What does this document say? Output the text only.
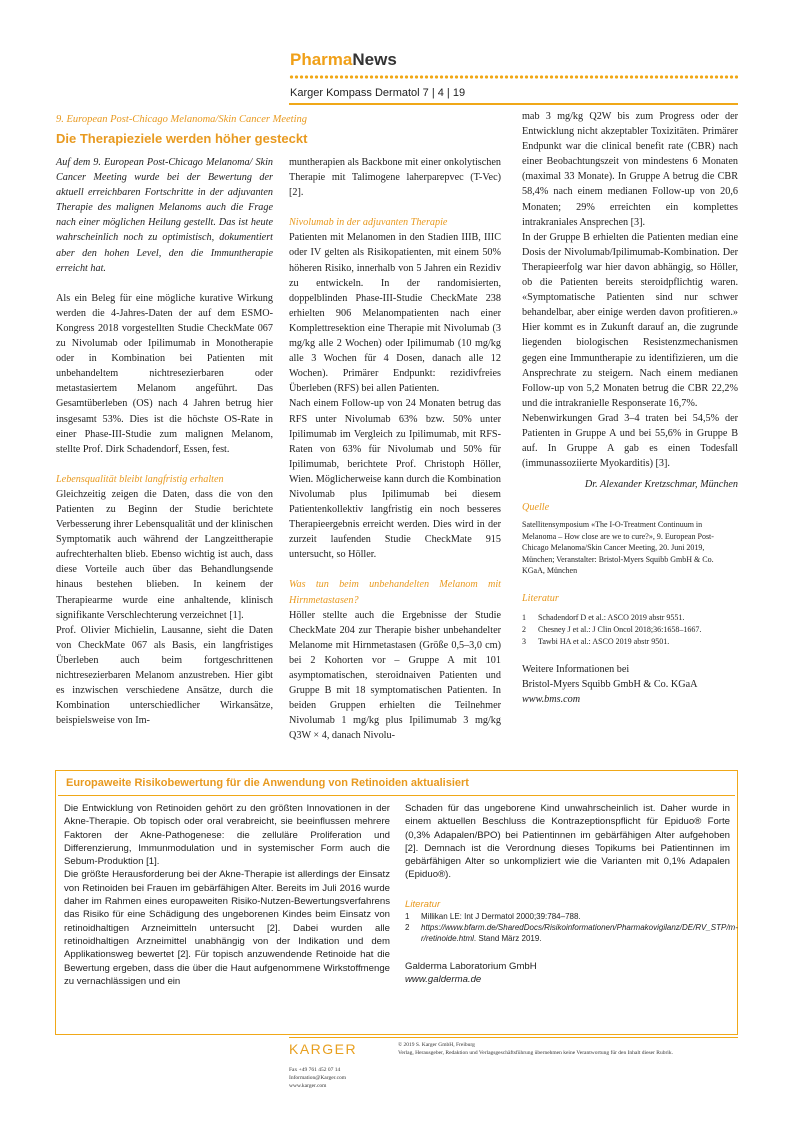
PharmaNews
Karger Kompass Dermatol 7 | 4 | 19
9. European Post-Chicago Melanoma/Skin Cancer Meeting
Die Therapieziele werden höher gesteckt

Auf dem 9. European Post-Chicago Melanoma/ Skin Cancer Meeting wurde bei der Bewertung der aktuell erreichbaren Fortschritte in der adjuvanten Therapie des malignen Melanoms auch die Frage nach einer möglichen Heilung gestellt. Das ist heute wahrscheinlich noch zu optimistisch, dokumentiert aber den hohen Level, den die Immuntherapie erreicht hat.

Als ein Beleg für eine mögliche kurative Wirkung werden die 4-Jahres-Daten der auf dem ESMO-Kongress 2018 vorgestellten Studie CheckMate 067 zu Nivolumab oder Ipilimumab in Monotherapie oder in Kombination bei Patienten mit unbehandeltem nichtresezierbaren oder metastasiertem Melanom angeführt. Das Gesamtüberleben (OS) nach 4 Jahren betrug hier insgesamt 53%. Dies ist die höchste OS-Rate in einer Phase-III-Studie zum malignen Melanom, stellte Prof. Dirk Schadendorf, Essen, fest.

Lebensqualität bleibt langfristig erhalten

Gleichzeitig zeigen die Daten, dass die von den Patienten zu Beginn der Studie berichtete Verbesserung ihrer Lebensqualität und der klinischen Symptomatik auch während der Langzeittherapie aufrechterhalten blieb. Ebenso wichtig ist auch, dass diese Vorteile auch über das Behandlungsende hinaus bestehen blieben. In keinem der Therapiearme wurde eine anhaltende, klinisch signifikante Verschlechterung verzeichnet [1].

Prof. Olivier Michielin, Lausanne, sieht die Daten von CheckMate 067 als Basis, ein langfristiges Überleben auch beim fortgeschrittenen nichtresezierbaren Melanom anzustreben. Hier gibt es inzwischen verschiedene Ansätze, durch die Kombination unterschiedlicher Wirkansätze, beispielsweise von Im-

muntherapien als Backbone mit einer onkolytischen Therapie mit Talimogene laherparepvec (T-Vec) [2].

Nivolumab in der adjuvanten Therapie

Patienten mit Melanomen in den Stadien IIIB, IIIC oder IV gelten als Risikopatienten, mit einem 50% höheren Risiko, innerhalb von 5 Jahren ein Rezidiv zu entwickeln. In der randomisierten, doppelblinden Phase-III-Studie CheckMate 238 erhielten 906 Melanompatienten nach einer Komplettresektion eine Therapie mit Nivolumab (3 mg/kg alle 2 Wochen) oder Ipilimumab (10 mg/kg alle 3 Wochen für 4 Dosen, danach alle 12 Wochen). Primärer Endpunkt: rezidivfreies Überleben (RFS) bei allen Patienten.

Nach einem Follow-up von 24 Monaten betrug das RFS unter Nivolumab 63% bzw. 50% unter Ipilimumab im Vergleich zu Ipilimumab, mit RFS-Raten von 63% für Nivolumab und 50% für Ipilimumab, berichtete Prof. Christoph Höller, Wien. Möglicherweise kann durch die Kombination Nivolumab plus Ipilimumab bei diesem Patientenkollektiv langfristig ein noch besseres Therapieergebnis erreicht werden. Dies wird in der zurzeit laufenden Studie CheckMate 915 untersucht, so Höller.

Was tun beim unbehandelten Melanom mit Hirnmetastasen?

Höller stellte auch die Ergebnisse der Studie CheckMate 204 zur Therapie bisher unbehandelter Melanome mit Hirnmetastasen (Größe 0,5–3,0 cm) bei 2 Kohorten vor – Gruppe A mit 101 asymptomatischen, steroidnaiven Patienten und Gruppe B mit 18 symptomatischen Patienten. In beiden Gruppen erhielten die Teilnehmer Nivolumab 1 mg/kg plus Ipilimumab 3 mg/kg Q3W × 4, danach Nivolu-

mab 3 mg/kg Q2W bis zum Progress oder der Entwicklung nicht akzeptabler Toxizitäten. Primärer Endpunkt war die clinical benefit rate (CBR) nach einer Beobachtungszeit von mindestens 6 Monaten (maximal 33 Monate). In Gruppe A betrug die CBR 58,4% nach einem medianen Follow-up von 20,6 Monaten; 29% erreichten ein komplettes intrakraniales Ansprechen [3].

In der Gruppe B erhielten die Patienten median eine Dosis der Nivolumab/Ipilimumab-Kombination. Der Therapieerfolg war hier davon abhängig, so Höller, ob die Patienten bereits steroidpflichtig waren. «Symptomatische Patienten sind nur schwer behandelbar, aber einige werden davon profitieren.» Hier kommt es in Zukunft darauf an, die zugrunde liegenden biologischen Resistenzmechanismen gegen eine Immuntherapie zu identifizieren, um die Ansprechrate zu steigern. Nach einem medianen Follow-up von 5,2 Monaten betrug die CBR 22,2% und die intrakranielle Responserate 16,7%.

Nebenwirkungen Grad 3–4 traten bei 54,5% der Patienten in Gruppe A und bei 55,6% in Gruppe B auf. In Gruppe A gab es einen Todesfall (immunassoziierte Myokarditis) [3].

Dr. Alexander Kretzschmar, München

Quelle

Satellitensymposium «The I-O-Treatment Continuum in Melanoma – How close are we to cure?», 9. European Post-Chicago Melanoma/Skin Cancer Meeting, 20. Juni 2019, München; Veranstalter: Bristol-Myers Squibb GmbH & Co. KGaA, München

Literatur

1	Schadendorf D et al.: ASCO 2019 abstr 9551.
2	Chesney J et al.: J Clin Oncol 2018;36:1658–1667.
3	Tawbi HA et al.: ASCO 2019 abstr 9501.

Weitere Informationen bei

Bristol-Myers Squibb GmbH & Co. KGaA

www.bms.com

Europaweite Risikobewertung für die Anwendung von Retinoiden aktualisiert

Die Entwicklung von Retinoiden gehört zu den größten Innovationen in der Akne-Therapie. Ob topisch oder oral verabreicht, sie beeinflussen mehrere Faktoren der Akne-Pathogenese: die zelluläre Proliferation und Differenzierung, Immunmodulation und in systemischer Form auch die Sebum-Produktion [1].

Die größte Herausforderung bei der Akne-Therapie ist allerdings der Einsatz von Retinoiden bei Frauen im gebärfähigen Alter. Bereits im Juli 2016 wurde daher im Rahmen eines europaweiten Risiko-Nutzen-Bewertungsverfahrens das Risiko für eine Schädigung des ungeborenen Kindes beim Einsatz von retinoidhaltigen Arzneimitteln untersucht [2]. Dabei wurden alle retinoidhaltigen Arzneimittel unabhängig von der Indikation und dem Applikationsweg bewertet [2]. Für topisch anzuwendende Retinoide hat die Bewertung ergeben, dass die über die Haut aufgenommene Wirkstoffmenge zu vernachlässigen und ein

Schaden für das ungeborene Kind unwahrscheinlich ist. Daher wurde in einem aktuellen Beschluss die Kontrazeptionspflicht für Epiduo® Forte (0,3% Adapalen/BPO) bei Patientinnen im gebärfähigen Alter aufgehoben [2]. Demnach ist die Verordnung dieses Topikums bei Patientinnen im gebärfähigen Alter so unkompliziert wie die Varianten mit 0,1% Adapalen (Epiduo®).

Literatur

1	Millikan LE: Int J Dermatol 2000;39:784–788.
2	https://www.bfarm.de/SharedDocs/Risikoinformationen/Pharmakovigilanz/DE/RV_STP/m-r/retinoide.html. Stand März 2019.

Galderma Laboratorium GmbH

www.galderma.de

KARGER
Fax +49 761 452 07 14
Information@Karger.com
www.karger.com
© 2019 S. Karger GmbH, Freiburg
Verlag, Herausgeber, Redaktion und Verlagsgeschäftsführung übernehmen keine Verantwortung für den Inhalt dieser Rubrik.
